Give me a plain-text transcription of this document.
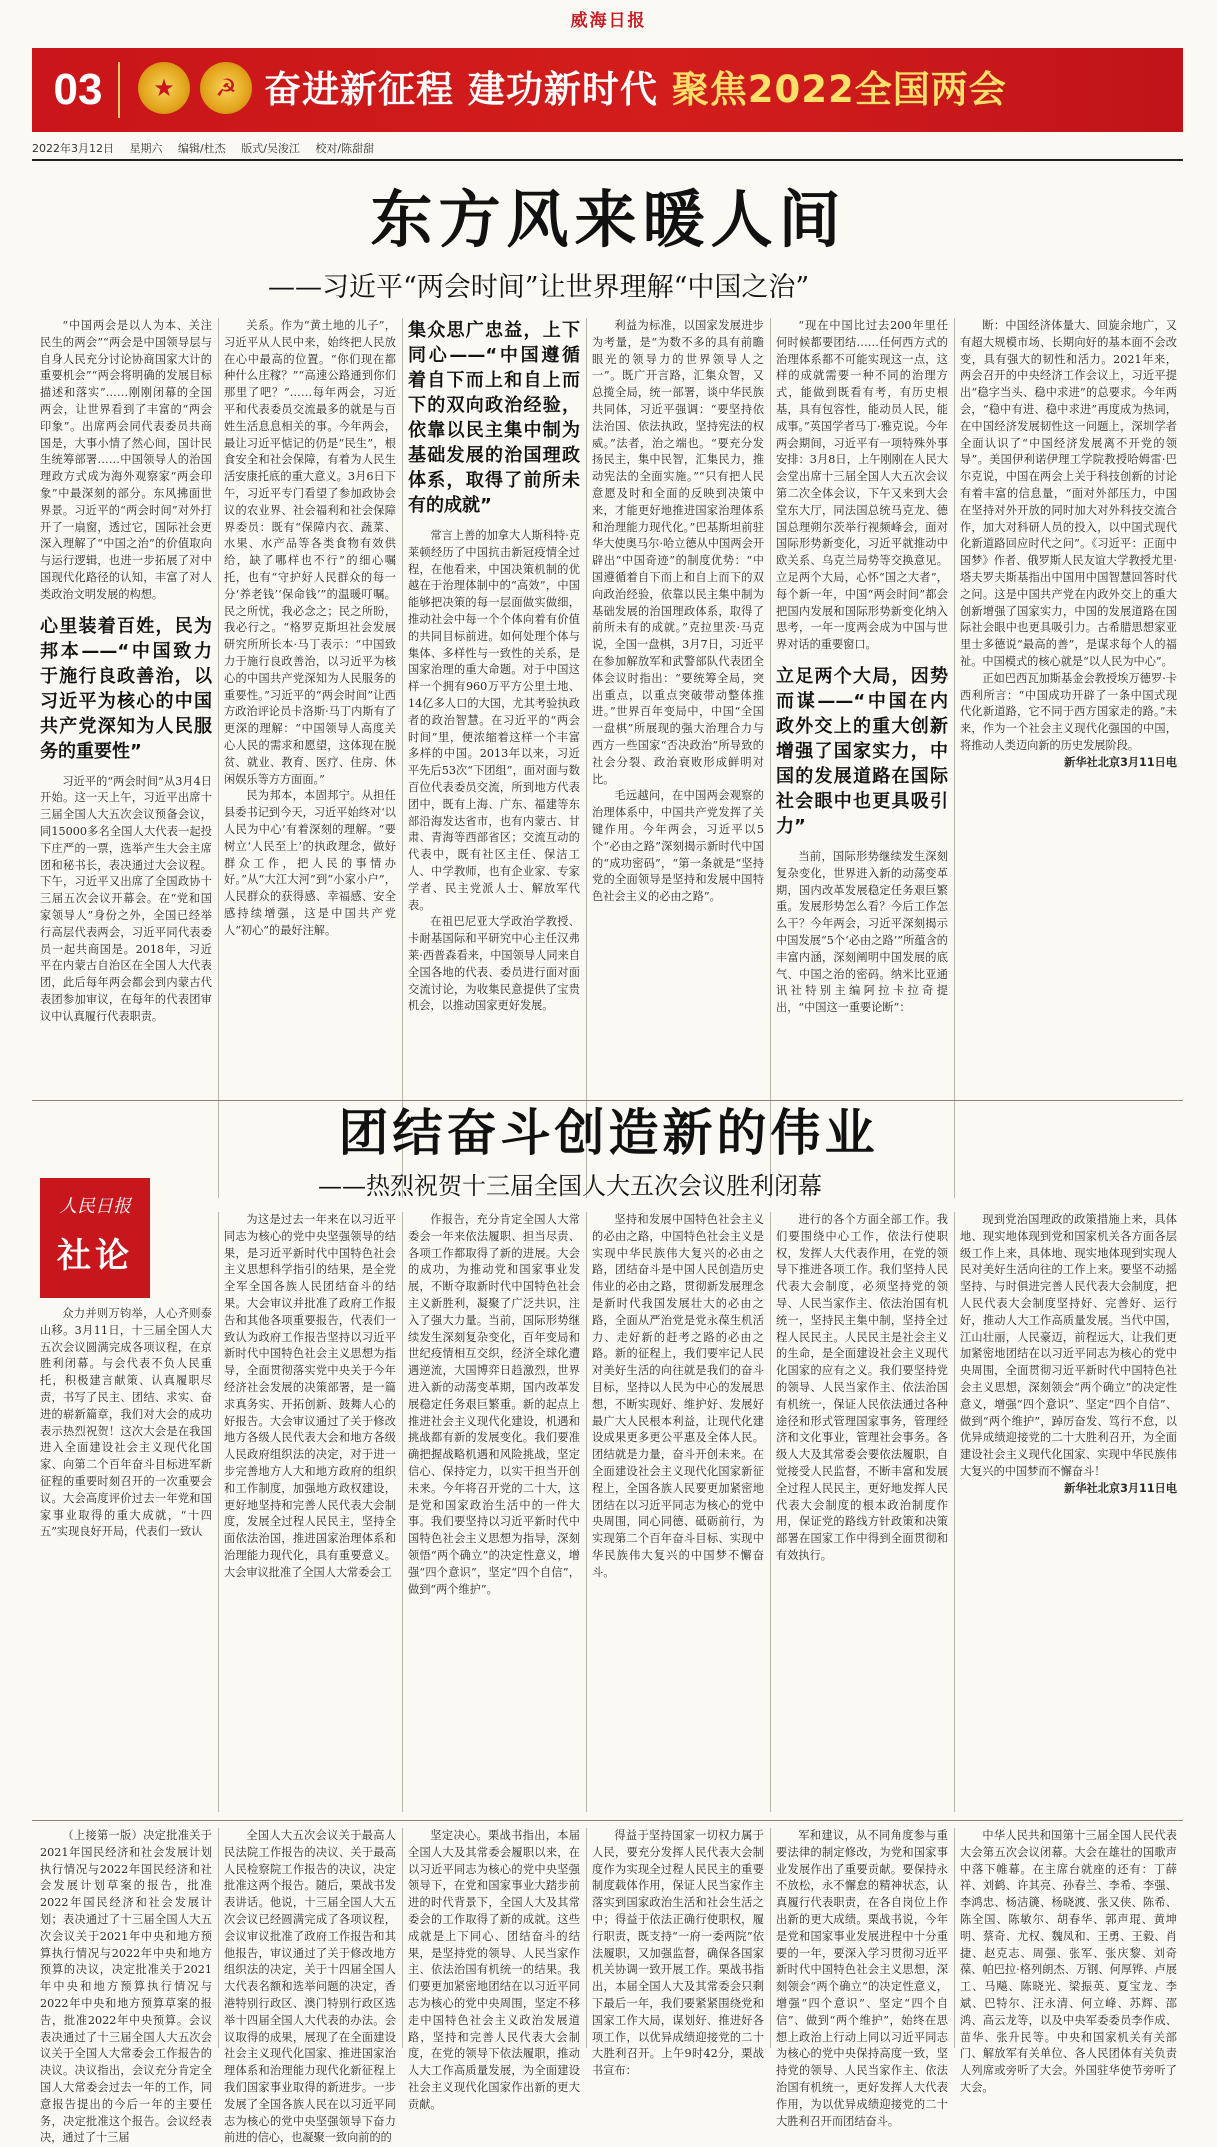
威海日报
03	★ ☭ 奋进新征程 建功新时代 聚焦2022全国两会
2022年3月12日 星期六 编辑/杜杰 版式/吴浚江 校对/陈甜甜
东方风来暖人间
——习近平“两会时间”让世界理解“中国之治”

“中国两会是以人为本、关注民生的两会”“两会是中国领导层与自身人民充分讨论协商国家大计的重要机会”“两会将明确的发展目标描述和落实”……刚刚闭幕的全国两会，让世界看到了丰富的“两会印象”。出席两会同代表委员共商国是，大事小情了然心间，国计民生统筹部署……中国领导人的治国理政方式成为海外观察家“两会印象”中最深刻的部分。东风拂面世界景。习近平的“两会时间”对外打开了一扇窗，透过它，国际社会更深入理解了“中国之治”的价值取向与运行逻辑，也进一步拓展了对中国现代化路径的认知，丰富了对人类政治文明发展的构想。

心里装着百姓，民为邦本——“中国致力于施行良政善治，以习近平为核心的中国共产党深知为人民服务的重要性”

习近平的“两会时间”从3月4日开始。这一天上午，习近平出席十三届全国人大五次会议预备会议，同15000多名全国人大代表一起投下庄严的一票，选举产生大会主席团和秘书长，表决通过大会议程。下午，习近平又出席了全国政协十三届五次会议开幕会。在“党和国家领导人”身份之外，全国已经举行高层代表两会，习近平同代表委员一起共商国是。2018年，习近平在内蒙古自治区在全国人大代表团，此后每年两会都会到内蒙古代表团参加审议，在每年的代表团审议中认真履行代表职责。

关系。作为“黄土地的儿子”，习近平从人民中来，始终把人民放在心中最高的位置。“你们现在都种什么庄稼？”“高速公路通到你们那里了吧？”……每年两会，习近平和代表委员交流最多的就是与百姓生活息息相关的事。今年两会，最让习近平惦记的仍是“民生”，根食安全和社会保障，有着为人民生活安康托底的重大意义。3月6日下午，习近平专门看望了参加政协会议的农业界、社会福利和社会保障界委员：既有“保障内衣、蔬菜、水果、水产品等各类食物有效供给，缺了哪样也不行”的细心嘱托，也有“守护好人民群众的每一分‘养老钱’‘保命钱’”的温暖叮嘱。民之所忧，我必念之；民之所盼，我必行之。“格罗克斯坦社会发展研究所所长本·马丁表示：“中国致力于施行良政善治，以习近平为核心的中国共产党深知为人民服务的重要性。”习近平的“两会时间”让西方政治评论员卡洛斯·马丁内斯有了更深的理解：“中国领导人高度关心人民的需求和愿望，这体现在脱贫、就业、教育、医疗、住房、休闲娱乐等方方面面。”

民为邦本，本固邦宁。从担任县委书记到今天，习近平始终对‘以人民为中心’有着深刻的理解。“要树立‘人民至上’的执政理念，做好群众工作，把人民的事情办好。”从“大江大河”到“小家小户”，人民群众的获得感、幸福感、安全感持续增强，这是中国共产党人“初心”的最好注解。

集众思广忠益，上下同心——“中国遵循着自下而上和自上而下的双向政治经验，依靠以民主集中制为基础发展的治国理政体系，取得了前所未有的成就”

常言上善的加拿大人斯科特·克莱顿经历了中国抗击新冠疫情全过程，在他看来，中国决策机制的优越在于治理体制中的“高效”，中国能够把决策的每一层面做实做细，推动社会中每一个个体向着有价值的共同目标前进。如何处理个体与集体、多样性与一致性的关系，是国家治理的重大命题。对于中国这样一个拥有960万平方公里土地、14亿多人口的大国，尤其考验执政者的政治智慧。在习近平的“两会时间”里，便浓缩着这样一个丰富多样的中国。2013年以来，习近平先后53次“下团组”，面对面与数百位代表委员交流，所到地方代表团中，既有上海、广东、福建等东部沿海发达省市，也有内蒙古、甘肃、青海等西部省区；交流互动的代表中，既有社区主任、保洁工人、中学教师，也有企业家、专家学者、民主党派人士、解放军代表。

在祖巴尼亚大学政治学教授、卡耐基国际和平研究中心主任汉弗莱·西普森看来，中国领导人同来自全国各地的代表、委员进行面对面交流讨论，为收集民意提供了宝贵机会，以推动国家更好发展。

利益为标准，以国家发展进步为考量，是“为数不多的具有前瞻眼光的领导力的世界领导人之一”。既广开言路，汇集众智，又总揽全局，统一部署，谈中华民族共同体，习近平强调：“要坚持依法治国、依法执政，坚持宪法的权威。”法者，治之端也。“要充分发扬民主，集中民智，汇集民力，推动宪法的全面实施。”“只有把人民意愿及时和全面的反映到决策中来，才能更好地推进国家治理体系和治理能力现代化。”巴基斯坦前驻华大使奥马尔·哈立德从中国两会开辟出“中国奇迹”的制度优势：“中国遵循着自下而上和自上而下的双向政治经验，依靠以民主集中制为基础发展的治国理政体系，取得了前所未有的成就。”克拉里茨·马克说，全国一盘棋，3月7日，习近平在参加解放军和武警部队代表团全体会议时指出：“要统筹全局，突出重点，以重点突破带动整体推进。”世界百年变局中，中国“全国一盘棋”所展现的强大治理合力与西方一些国家“否决政治”所导致的社会分裂、政治衰败形成鲜明对比。

毛远越问，在中国两会观察的治理体系中，中国共产党发挥了关键作用。今年两会，习近平以5个“必由之路”深刻揭示新时代中国的“成功密码”，“第一条就是“坚持党的全面领导是坚持和发展中国特色社会主义的必由之路”。

“现在中国比过去200年里任何时候都要团结……任何西方式的治理体系都不可能实现这一点，这样的成就需要一种不同的治理方式，能做到既看有考，有历史根基，具有包容性，能动员人民，能成事。”英国学者马丁·雅克说。今年两会期间，习近平有一项特殊外事安排：3月8日，上午刚刚在人民大会堂出席十三届全国人大五次会议第二次全体会议，下午又来到大会堂东大厅，同法国总统马克龙、德国总理朔尔茨举行视频峰会，面对国际形势新变化，习近平就推动中欧关系、乌克兰局势等交换意见。立足两个大局，心怀“国之大者”，每个新一年，中国“两会时间”都会把国内发展和国际形势新变化纳入思考，一年一度两会成为中国与世界对话的重要窗口。

立足两个大局，因势而谋——“中国在内政外交上的重大创新增强了国家实力，中国的发展道路在国际社会眼中也更具吸引力”

当前，国际形势继续发生深刻复杂变化，世界进入新的动荡变革期，国内改革发展稳定任务艰巨繁重。发展形势怎么看？今后工作怎么干？今年两会，习近平深刻揭示中国发展“5个‘必由之路’”所蕴含的丰富内涵，深刻阐明中国发展的底气、中国之治的密码。纳米比亚通讯社特别主编阿拉卡拉奇提出，“中国这一重要论断”：

断：中国经济体量大、回旋余地广，又有超大规模市场、长期向好的基本面不会改变，具有强大的韧性和活力。2021年来，两会召开的中央经济工作会议上，习近平提出“稳字当头、稳中求进”的总要求。今年两会，“稳中有进、稳中求进”再度成为热词，在中国经济发展韧性这一问题上，深圳学者全面认识了“中国经济发展离不开党的领导”。美国伊利诺伊理工学院教授哈姆雷·巴尔克说，中国在两会上关于科技创新的讨论有着丰富的信息量，“面对外部压力，中国在坚持对外开放的同时加大对外科技交流合作，加大对科研人员的投入，以中国式现代化新道路回应时代之问”。《习近平：正面中国梦》作者、俄罗斯人民友谊大学教授尤里·塔夫罗夫斯基指出中国用中国智慧回答时代之问。这是中国共产党在内政外交上的重大创新增强了国家实力，中国的发展道路在国际社会眼中也更具吸引力。古希腊思想家亚里士多德说“最高的善”，是谋求每个人的福祉。中国模式的核心就是“以人民为中心”。

正如巴西瓦加斯基金会教授埃万德罗·卡西利所言：“中国成功开辟了一条中国式现代化新道路，它不同于西方国家走的路。”未来，作为一个社会主义现代化强国的中国，将推动人类迈向新的历史发展阶段。

新华社北京3月11日电

团结奋斗创造新的伟业
——热烈祝贺十三届全国人大五次会议胜利闭幕
人民日报
社论

众力并则万钧举，人心齐则泰山移。3月11日，十三届全国人大五次会议圆满完成各项议程，在京胜利闭幕。与会代表不负人民重托，积极建言献策、认真履职尽责，书写了民主、团结、求实、奋进的崭新篇章，我们对大会的成功表示热烈祝贺！这次大会是在我国进入全面建设社会主义现代化国家、向第二个百年奋斗目标进军新征程的重要时刻召开的一次重要会议。大会高度评价过去一年党和国家事业取得的重大成就，“十四五”实现良好开局，代表们一致认

为这是过去一年来在以习近平同志为核心的党中央坚强领导的结果，是习近平新时代中国特色社会主义思想科学指引的结果，是全党全军全国各族人民团结奋斗的结果。大会审议并批准了政府工作报告和其他各项重要报告，代表们一致认为政府工作报告坚持以习近平新时代中国特色社会主义思想为指导，全面贯彻落实党中央关于今年经济社会发展的决策部署，是一篇求真务实、开拓创新、鼓舞人心的好报告。大会审议通过了关于修改地方各级人民代表大会和地方各级人民政府组织法的决定，对于进一步完善地方人大和地方政府的组织和工作制度，加强地方政权建设，更好地坚持和完善人民代表大会制度，发展全过程人民民主，坚持全面依法治国，推进国家治理体系和治理能力现代化，具有重要意义。大会审议批准了全国人大常委会工

作报告，充分肯定全国人大常委会一年来依法履职、担当尽责、各项工作都取得了新的进展。大会的成功，为推动党和国家事业发展，不断夺取新时代中国特色社会主义新胜利，凝聚了广泛共识，注入了强大力量。当前，国际形势继续发生深刻复杂变化，百年变局和世纪疫情相互交织，经济全球化遭遇逆流，大国博弈日趋激烈，世界进入新的动荡变革期，国内改革发展稳定任务艰巨繁重。新的起点上推进社会主义现代化建设，机遇和挑战都有新的发展变化。我们要准确把握战略机遇和风险挑战，坚定信心、保持定力，以实干担当开创未来。今年将召开党的二十大，这是党和国家政治生活中的一件大事。我们要坚持以习近平新时代中国特色社会主义思想为指导，深刻领悟“两个确立”的决定性意义，增强“四个意识”，坚定“四个自信”，做到“两个维护”。

坚持和发展中国特色社会主义的必由之路，中国特色社会主义是实现中华民族伟大复兴的必由之路，团结奋斗是中国人民创造历史伟业的必由之路，贯彻新发展理念是新时代我国发展壮大的必由之路，全面从严治党是党永葆生机活力、走好新的赶考之路的必由之路。新的征程上，我们要牢记人民对美好生活的向往就是我们的奋斗目标，坚持以人民为中心的发展思想，不断实现好、维护好、发展好最广大人民根本利益，让现代化建设成果更多更公平惠及全体人民。团结就是力量，奋斗开创未来。在全面建设社会主义现代化国家新征程上，全国各族人民要更加紧密地团结在以习近平同志为核心的党中央周围，同心同德、砥砺前行，为实现第二个百年奋斗目标、实现中华民族伟大复兴的中国梦不懈奋斗。

进行的各个方面全部工作。我们要围绕中心工作，依法行使职权，发挥人大代表作用，在党的领导下推进各项工作。我们坚持人民代表大会制度，必须坚持党的领导、人民当家作主、依法治国有机统一，坚持民主集中制，坚持全过程人民民主。人民民主是社会主义的生命，是全面建设社会主义现代化国家的应有之义。我们要坚持党的领导、人民当家作主、依法治国有机统一，保证人民依法通过各种途径和形式管理国家事务，管理经济和文化事业，管理社会事务。各级人大及其常委会要依法履职，自觉接受人民监督，不断丰富和发展全过程人民民主，更好地发挥人民代表大会制度的根本政治制度作用，保证党的路线方针政策和决策部署在国家工作中得到全面贯彻和有效执行。

现到党治国理政的政策措施上来，具体地、现实地体现到党和国家机关各方面各层级工作上来，具体地、现实地体现到实现人民对美好生活向往的工作上来。要坚不动摇坚持、与时俱进完善人民代表大会制度，把人民代表大会制度坚持好、完善好、运行好，推动人大工作高质量发展。当代中国，江山壮丽，人民豪迈，前程远大，让我们更加紧密地团结在以习近平同志为核心的党中央周围，全面贯彻习近平新时代中国特色社会主义思想，深刻领会“两个确立”的决定性意义，增强“四个意识”、坚定“四个自信”、做到“两个维护”，踔厉奋发、笃行不怠，以优异成绩迎接党的二十大胜利召开，为全面建设社会主义现代化国家、实现中华民族伟大复兴的中国梦而不懈奋斗！

新华社北京3月11日电

（上接第一版）决定批准关于2021年国民经济和社会发展计划执行情况与2022年国民经济和社会发展计划草案的报告，批准2022年国民经济和社会发展计划；表决通过了十三届全国人大五次会议关于2021年中央和地方预算执行情况与2022年中央和地方预算的决议，决定批准关于2021年中央和地方预算执行情况与2022年中央和地方预算草案的报告，批准2022年中央预算。会议表决通过了十三届全国人大五次会议关于全国人大常委会工作报告的决议。决议指出，会议充分肯定全国人大常委会过去一年的工作，同意报告提出的今后一年的主要任务，决定批准这个报告。会议经表决，通过了十三届

全国人大五次会议关于最高人民法院工作报告的决议、关于最高人民检察院工作报告的决议，决定批准这两个报告。随后，栗战书发表讲话。他说，十三届全国人大五次会议已经圆满完成了各项议程，会议审议批准了政府工作报告和其他报告，审议通过了关于修改地方组织法的决定，关于十四届全国人大代表名额和选举问题的决定，香港特别行政区、澳门特别行政区选举十四届全国人大代表的办法。会议取得的成果，展现了在全面建设社会主义现代化国家、推进国家治理体系和治理能力现代化新征程上我们国家事业取得的新进步。一步发展了全国各族人民在以习近平同志为核心的党中央坚强领导下奋力前进的信心，也凝聚一致向前的的

坚定决心。栗战书指出，本届全国人大及其常委会履职以来，在以习近平同志为核心的党中央坚强领导下，在党和国家事业大踏步前进的时代背景下，全国人大及其常委会的工作取得了新的成就。这些成就是上下同心、团结奋斗的结果，是坚持党的领导、人民当家作主、依法治国有机统一的结果。我们要更加紧密地团结在以习近平同志为核心的党中央周围，坚定不移走中国特色社会主义政治发展道路，坚持和完善人民代表大会制度，在党的领导下依法履职，推动人大工作高质量发展，为全面建设社会主义现代化国家作出新的更大贡献。

得益于坚持国家一切权力属于人民，要充分发挥人民代表大会制度作为实现全过程人民民主的重要制度载体作用，保证人民当家作主落实到国家政治生活和社会生活之中；得益于依法正确行使职权，履行职责，既支持“一府一委两院”依法履职，又加强监督，确保各国家机关协调一致开展工作。栗战书指出，本届全国人大及其常委会只剩下最后一年，我们要紧紧围绕党和国家工作大局，谋划好、推进好各项工作，以优异成绩迎接党的二十大胜利召开。上午9时42分，栗战书宣布：

军和建议，从不同角度参与重要法律的制定修改，为党和国家事业发展作出了重要贡献。要保持永不放松，永不懈怠的精神状态，认真履行代表职责，在各自岗位上作出新的更大成绩。栗战书说，今年是党和国家事业发展进程中十分重要的一年，要深入学习贯彻习近平新时代中国特色社会主义思想，深刻领会“两个确立”的决定性意义，增强“四个意识”、坚定“四个自信”、做到“两个维护”，始终在思想上政治上行动上同以习近平同志为核心的党中央保持高度一致，坚持党的领导、人民当家作主、依法治国有机统一，更好发挥人大代表作用，为以优异成绩迎接党的二十大胜利召开而团结奋斗。

中华人民共和国第十三届全国人民代表大会第五次会议闭幕。大会在雄壮的国歌声中落下帷幕。在主席台就座的还有：丁薛祥、刘鹤、许其亮、孙春兰、李希、李强、李鸿忠、杨洁篪、杨晓渡、张又侠、陈希、陈全国、陈敏尔、胡春华、郭声琨、黄坤明、蔡奇、尤权、魏凤和、王勇、王毅、肖捷、赵克志、周强、张军、张庆黎、刘奇葆、帕巴拉·格列朗杰、万钢、何厚铧、卢展工、马飚、陈晓光、梁振英、夏宝龙、李斌、巴特尔、汪永清、何立峰、苏辉、邵鸿、高云龙等，以及中央军委委员李作成、苗华、张升民等。中央和国家机关有关部门、解放军有关单位、各人民团体有关负责人列席或旁听了大会。外国驻华使节旁听了大会。
